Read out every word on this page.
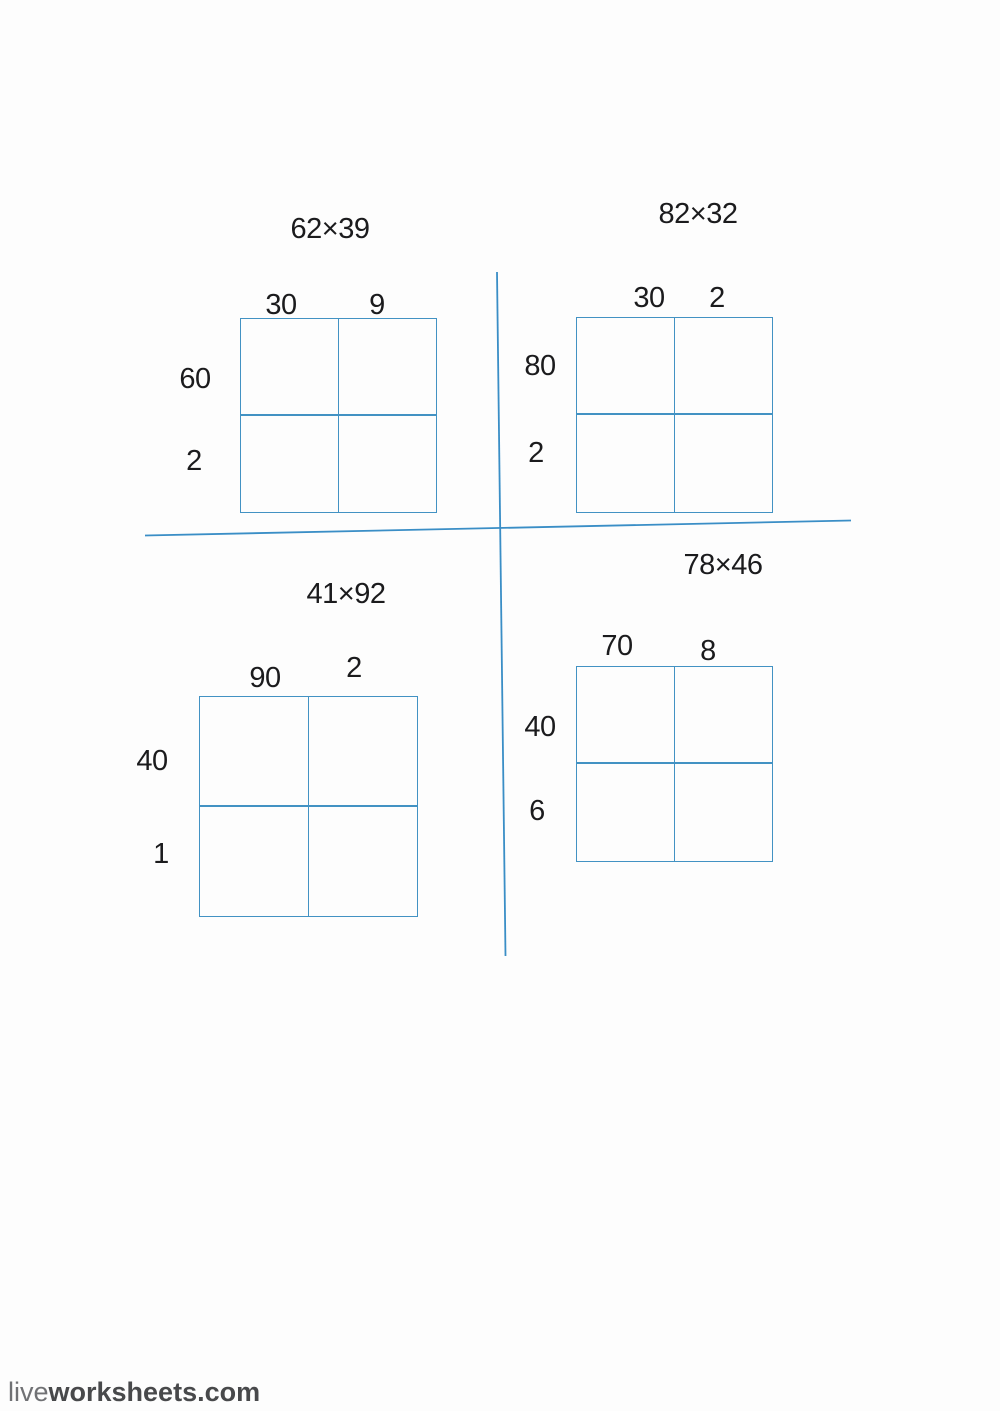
62×39
30	9
60
2
82×32
30	2
80
2
41×92
90	2
40
1
78×46
70	8
40
6
liveworksheets.com
